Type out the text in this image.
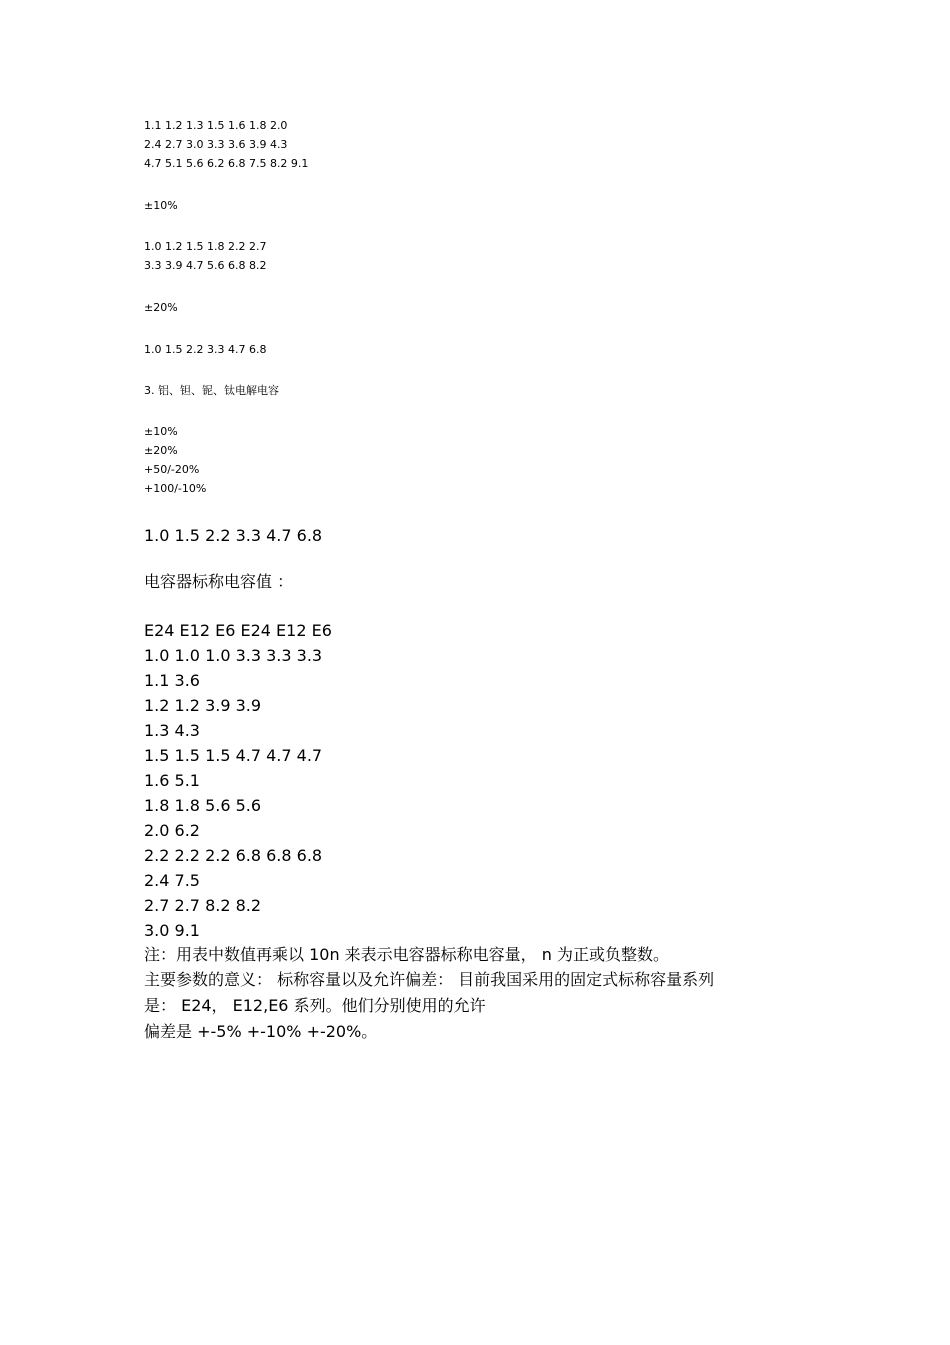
1.1 1.2 1.3 1.5 1.6 1.8 2.0
2.4 2.7 3.0 3.3 3.6 3.9 4.3
4.7 5.1 5.6 6.2 6.8 7.5 8.2 9.1
±10%
1.0 1.2 1.5 1.8 2.2 2.7
3.3 3.9 4.7 5.6 6.8 8.2
±20%
1.0 1.5 2.2 3.3 4.7 6.8
3. 铝、钽、铌、钛电解电容
±10%
±20%
+50/-20%
+100/-10%
1.0 1.5 2.2 3.3 4.7 6.8
电容器标称电容值 ：
E24 E12 E6 E24 E12 E6
1.0 1.0 1.0 3.3 3.3 3.3
1.1 3.6
1.2 1.2 3.9 3.9
1.3 4.3
1.5 1.5 1.5 4.7 4.7 4.7
1.6 5.1
1.8 1.8 5.6 5.6
2.0 6.2
2.2 2.2 2.2 6.8 6.8 6.8
2.4 7.5
2.7 2.7 8.2 8.2
3.0 9.1
注：用表中数值再乘以 10n 来表示电容器标称电容量， n 为正或负整数。
主要参数的意义： 标称容量以及允许偏差： 目前我国采用的固定式标称容量系列
是： E24， E12,E6 系列。他们分别使用的允许
偏差是 +-5% +-10% +-20%。
